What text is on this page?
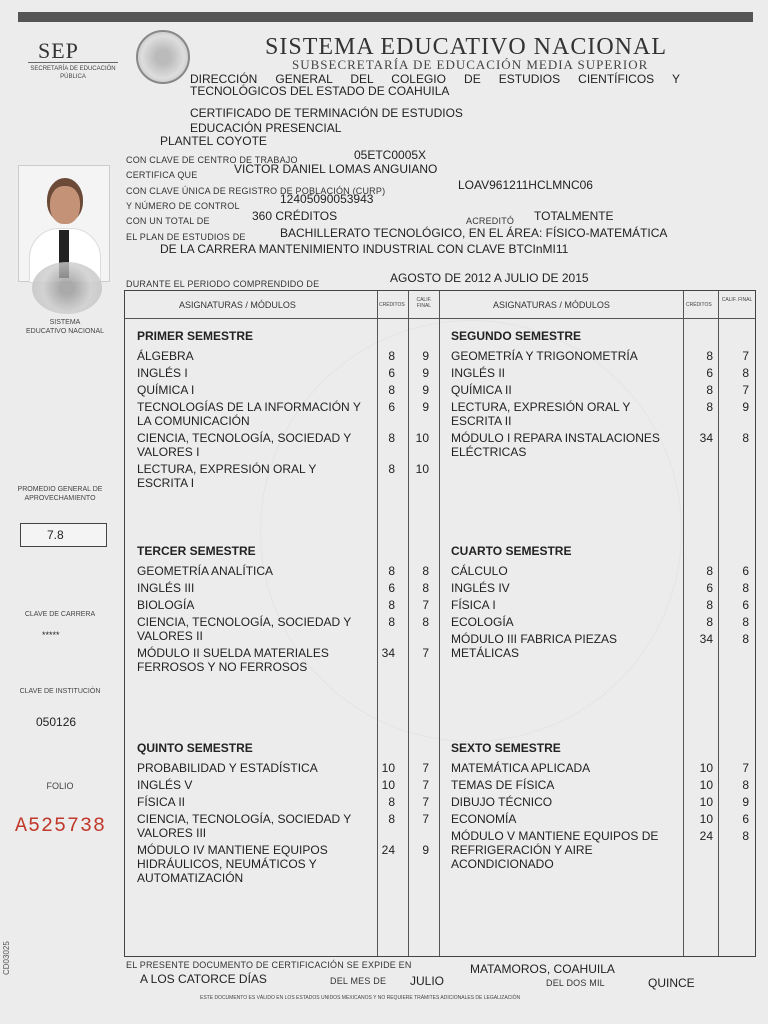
SEP
SECRETARÍA DE EDUCACIÓN PÚBLICA
SISTEMA EDUCATIVO NACIONAL
SUBSECRETARÍA DE EDUCACIÓN MEDIA SUPERIOR
DIRECCIÓN GENERAL DEL COLEGIO DE ESTUDIOS CIENTÍFICOS Y
TECNOLÓGICOS DEL ESTADO DE COAHUILA
CERTIFICADO DE TERMINACIÓN DE ESTUDIOS
EDUCACIÓN PRESENCIAL
PLANTEL COYOTE
CON CLAVE DE CENTRO DE TRABAJO	05ETC0005X
CERTIFICA QUE	VICTOR DANIEL LOMAS ANGUIANO
CON CLAVE ÚNICA DE REGISTRO DE POBLACIÓN (CURP)	LOAV961211HCLMNC06
Y NÚMERO DE CONTROL	12405090053943
CON UN TOTAL DE	360 CRÉDITOS	ACREDITÓ TOTALMENTE
EL PLAN DE ESTUDIOS DE	BACHILLERATO TECNOLÓGICO, EN EL ÁREA: FÍSICO-MATEMÁTICA
DE LA CARRERA MANTENIMIENTO INDUSTRIAL CON CLAVE BTCInMI11
DURANTE EL PERIODO COMPRENDIDO DE	AGOSTO DE 2012 A JULIO DE 2015
SISTEMA
EDUCATIVO NACIONAL
PROMEDIO GENERAL DE APROVECHAMIENTO
7.8
CLAVE DE CARRERA
*****
CLAVE DE INSTITUCIÓN
050126
FOLIO
A525738
CD03025
ASIGNATURAS / MÓDULOS	CRÉDITOS
CALIF. FINAL	ASIGNATURAS / MÓDULOS	CRÉDITOS
CALIF. FINAL
PRIMER SEMESTRE
ÁLGEBRA	8	9
INGLÉS I	6	9
QUÍMICA I	8	9
TECNOLOGÍAS DE LA INFORMACIÓN Y
LA COMUNICACIÓN
6	9
CIENCIA, TECNOLOGÍA, SOCIEDAD Y
VALORES I
8	10
LECTURA, EXPRESIÓN ORAL Y
ESCRITA I
8	10
SEGUNDO SEMESTRE
GEOMETRÍA Y TRIGONOMETRÍA	8	7
INGLÉS II	6	8
QUÍMICA II	8	7
LECTURA, EXPRESIÓN ORAL Y
ESCRITA II
8	9
MÓDULO I REPARA INSTALACIONES
ELÉCTRICAS
34	8
TERCER SEMESTRE
GEOMETRÍA ANALÍTICA	8	8
INGLÉS III	6	8
BIOLOGÍA	8	7
CIENCIA, TECNOLOGÍA, SOCIEDAD Y
VALORES II
8	8
MÓDULO II SUELDA MATERIALES
FERROSOS Y NO FERROSOS
34	7
CUARTO SEMESTRE
CÁLCULO	8	6
INGLÉS IV	6	8
FÍSICA I	8	6
ECOLOGÍA	8	8
MÓDULO III FABRICA PIEZAS
METÁLICAS
34	8
QUINTO SEMESTRE
PROBABILIDAD Y ESTADÍSTICA	10	7
INGLÉS V	10	7
FÍSICA II	8	7
CIENCIA, TECNOLOGÍA, SOCIEDAD Y
VALORES III
8	7
MÓDULO IV MANTIENE EQUIPOS
HIDRÁULICOS, NEUMÁTICOS Y
AUTOMATIZACIÓN
24	9
SEXTO SEMESTRE
MATEMÁTICA APLICADA	10	7
TEMAS DE FÍSICA	10	8
DIBUJO TÉCNICO	10	9
ECONOMÍA	10	6
MÓDULO V MANTIENE EQUIPOS DE
REFRIGERACIÓN Y AIRE
ACONDICIONADO
24	8
EL PRESENTE DOCUMENTO DE CERTIFICACIÓN SE EXPIDE EN	MATAMOROS, COAHUILA
A LOS CATORCE DÍAS	DEL MES DE JULIO	DEL DOS MIL	QUINCE
ESTE DOCUMENTO ES VÁLIDO EN LOS ESTADOS UNIDOS MEXICANOS Y NO REQUIERE TRÁMITES ADICIONALES DE LEGALIZACIÓN
